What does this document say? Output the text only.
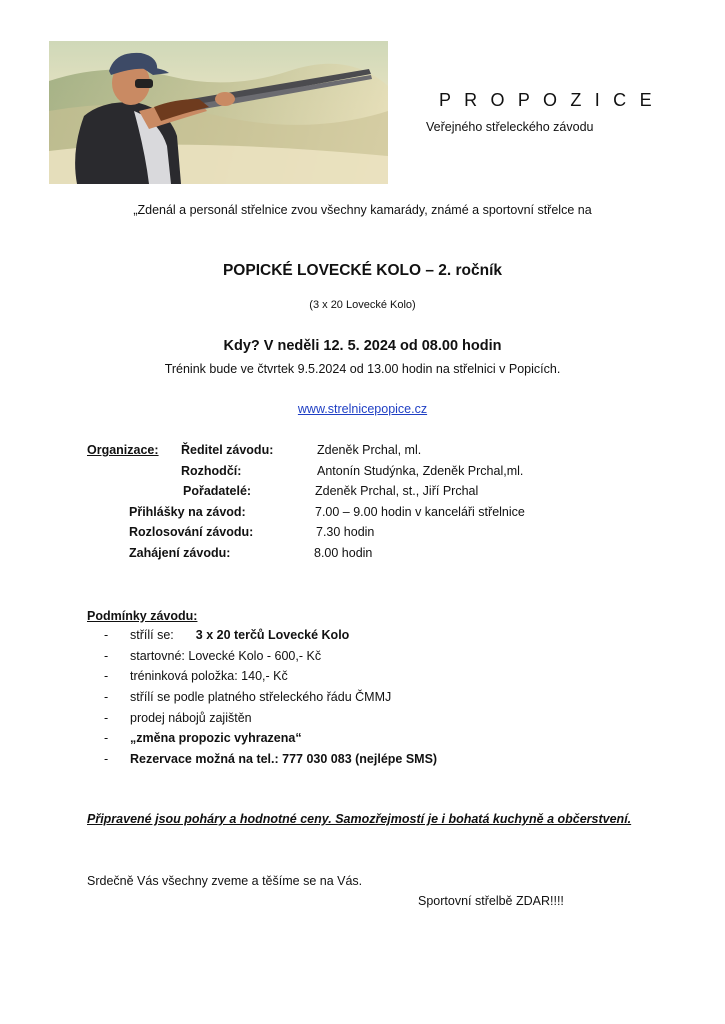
P R O P O Z I C E
Veřejného střeleckého závodu
„Zdenál a personál střelnice zvou všechny kamarády, známé a sportovní střelce na
POPICKÉ LOVECKÉ KOLO – 2. ročník
(3 x 20 Lovecké Kolo)
Kdy? V neděli 12. 5. 2024 od 08.00 hodin
Trénink bude ve čtvrtek 9.5.2024 od 13.00 hodin na střelnici v Popicích.
www.strelnicepopice.cz
Organizace: Ředitel závodu:	Zdeněk Prchal, ml.
Rozhodčí:	Antonín Studýnka, Zdeněk Prchal,ml.
Pořadatelé:	Zdeněk Prchal, st., Jiří Prchal
Přihlášky na závod:	7.00 – 9.00 hodin v kanceláři střelnice
Rozlosování závodu:	7.30 hodin
Zahájení závodu:	8.00 hodin
Podmínky závodu:
- střílí se: 3 x 20 terčů Lovecké Kolo
- startovné: Lovecké Kolo - 600,- Kč
- tréninková položka: 140,- Kč
- střílí se podle platného střeleckého řádu ČMMJ
- prodej nábojů zajištěn
- „změna propozic vyhrazena“
- Rezervace možná na tel.: 777 030 083 (nejlépe SMS)
Připravené jsou poháry a hodnotné ceny. Samozřejmostí je i bohatá kuchyně a občerstvení.
Srdečně Vás všechny zveme a těšíme se na Vás.
Sportovní střelbě ZDAR!!!!
